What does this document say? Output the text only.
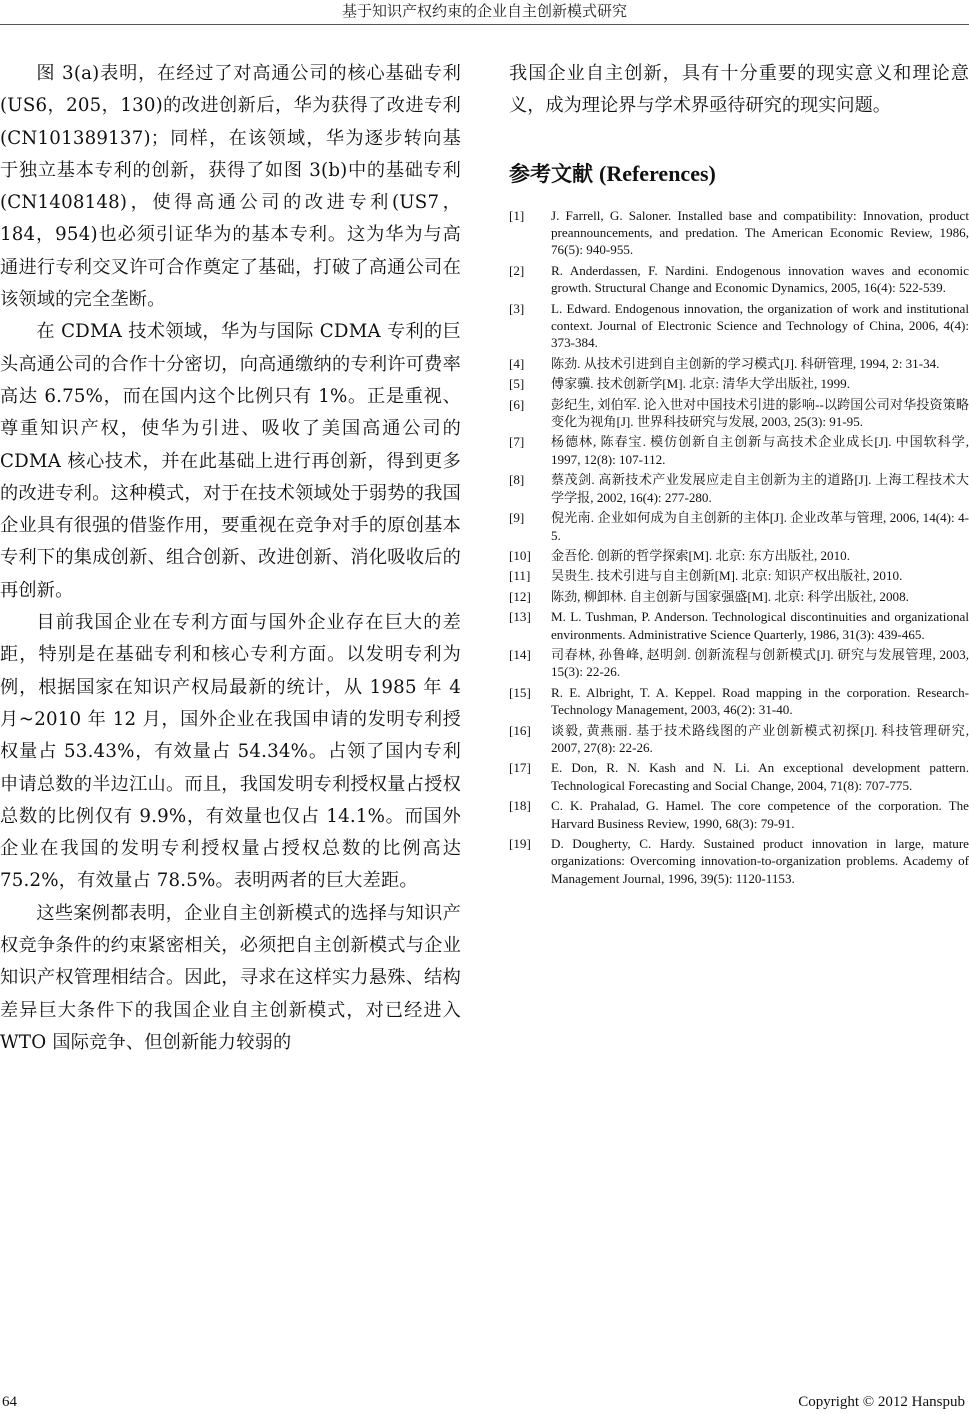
基于知识产权约束的企业自主创新模式研究

图 3(a)表明，在经过了对高通公司的核心基础专利(US6，205，130)的改进创新后，华为获得了改进专利(CN101389137)；同样，在该领域，华为逐步转向基于独立基本专利的创新，获得了如图 3(b)中的基础专利(CN1408148)，使得高通公司的改进专利(US7，184，954)也必须引证华为的基本专利。这为华为与高通进行专利交叉许可合作奠定了基础，打破了高通公司在该领域的完全垄断。

在 CDMA 技术领域，华为与国际 CDMA 专利的巨头高通公司的合作十分密切，向高通缴纳的专利许可费率高达 6.75%，而在国内这个比例只有 1%。正是重视、尊重知识产权，使华为引进、吸收了美国高通公司的 CDMA 核心技术，并在此基础上进行再创新，得到更多的改进专利。这种模式，对于在技术领域处于弱势的我国企业具有很强的借鉴作用，要重视在竞争对手的原创基本专利下的集成创新、组合创新、改进创新、消化吸收后的再创新。

目前我国企业在专利方面与国外企业存在巨大的差距，特别是在基础专利和核心专利方面。以发明专利为例，根据国家在知识产权局最新的统计，从 1985 年 4 月~2010 年 12 月，国外企业在我国申请的发明专利授权量占 53.43%，有效量占 54.34%。占领了国内专利申请总数的半边江山。而且，我国发明专利授权量占授权总数的比例仅有 9.9%，有效量也仅占 14.1%。而国外企业在我国的发明专利授权量占授权总数的比例高达 75.2%，有效量占 78.5%。表明两者的巨大差距。

这些案例都表明，企业自主创新模式的选择与知识产权竞争条件的约束紧密相关，必须把自主创新模式与企业知识产权管理相结合。因此，寻求在这样实力悬殊、结构差异巨大条件下的我国企业自主创新模式，对已经进入 WTO 国际竞争、但创新能力较弱的

我国企业自主创新，具有十分重要的现实意义和理论意义，成为理论界与学术界亟待研究的现实问题。

参考文献 (References)
[1] J. Farrell, G. Saloner. Installed base and compatibility: Innovation, product preannouncements, and predation. The American Economic Review, 1986, 76(5): 940-955.
[2] R. Anderdassen, F. Nardini. Endogenous innovation waves and economic growth. Structural Change and Economic Dynamics, 2005, 16(4): 522-539.
[3] L. Edward. Endogenous innovation, the organization of work and institutional context. Journal of Electronic Science and Technology of China, 2006, 4(4): 373-384.
[4] 陈劲. 从技术引进到自主创新的学习模式[J]. 科研管理, 1994, 2: 31-34.
[5] 傅家骥. 技术创新学[M]. 北京: 清华大学出版社, 1999.
[6] 彭纪生, 刘伯军. 论入世对中国技术引进的影响--以跨国公司对华投资策略变化为视角[J]. 世界科技研究与发展, 2003, 25(3): 91-95.
[7] 杨德林, 陈春宝. 模仿创新自主创新与高技术企业成长[J]. 中国软科学, 1997, 12(8): 107-112.
[8] 蔡茂剑. 高新技术产业发展应走自主创新为主的道路[J]. 上海工程技术大学学报, 2002, 16(4): 277-280.
[9] 倪光南. 企业如何成为自主创新的主体[J]. 企业改革与管理, 2006, 14(4): 4-5.
[10] 金吾伦. 创新的哲学探索[M]. 北京: 东方出版社, 2010.
[11] 吴贵生. 技术引进与自主创新[M]. 北京: 知识产权出版社, 2010.
[12] 陈劲, 柳卸林. 自主创新与国家强盛[M]. 北京: 科学出版社, 2008.
[13] M. L. Tushman, P. Anderson. Technological discontinuities and organizational environments. Administrative Science Quarterly, 1986, 31(3): 439-465.
[14] 司春林, 孙鲁峰, 赵明剑. 创新流程与创新模式[J]. 研究与发展管理, 2003, 15(3): 22-26.
[15] R. E. Albright, T. A. Keppel. Road mapping in the corporation. Research-Technology Management, 2003, 46(2): 31-40.
[16] 谈毅, 黄燕丽. 基于技术路线图的产业创新模式初探[J]. 科技管理研究, 2007, 27(8): 22-26.
[17] E. Don, R. N. Kash and N. Li. An exceptional development pattern. Technological Forecasting and Social Change, 2004, 71(8): 707-775.
[18] C. K. Prahalad, G. Hamel. The core competence of the corporation. The Harvard Business Review, 1990, 68(3): 79-91.
[19] D. Dougherty, C. Hardy. Sustained product innovation in large, mature organizations: Overcoming innovation-to-organization problems. Academy of Management Journal, 1996, 39(5): 1120-1153.
64	Copyright © 2012 Hanspub
